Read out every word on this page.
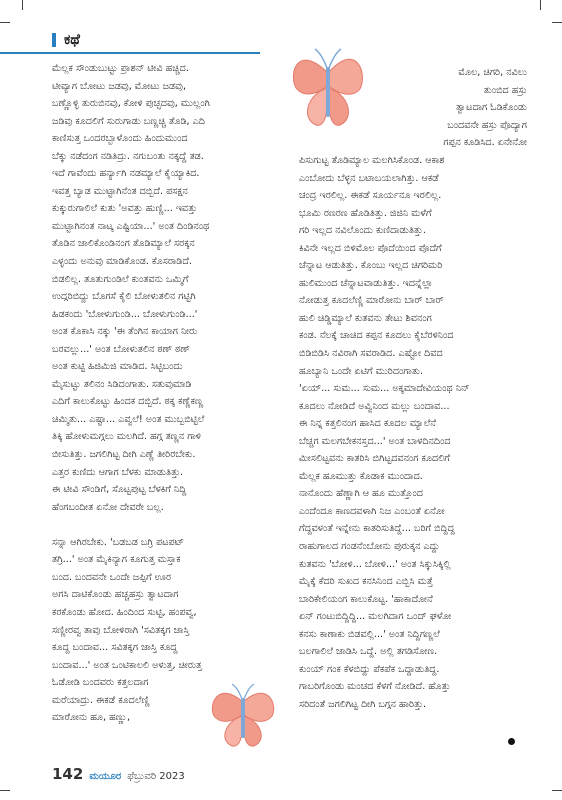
ಕಥೆ
ಮೆಲ್ಲಕ ಸೌಂಡುಬುಟ್ಟು ಪ್ರಾಶನ್ ಟೀವಿ ಹಚ್ಚಿದ.
ಟೀವ್ಯಾಗ ಬೋಟು ಜಡವು, ಮೋಟು ಜಡವು,
ಬಣ್ಣೊಳ್ಳಿ ತುರುಬಿನವು, ಕೋಳಿ ಪುಚ್ಛದವು, ಮುಲ್ಲಂಗಿ
ಜಡಿವು ಕೂದಲಿಗೆ ಸುರುಗಾಡು ಬಣ್ಣಚ್ಚಿ ತೊಡಿ, ಎದಿ
ಕಾಣಿಸುತ್ತ ಒಂದರಬ್ಬಾಳೊಂದು ಹಿಂದುಮುಂದ
ಬೆಕ್ಕು ನಡೆದಂಗ ನಡಿತಿದ್ರು. ನಗುಬಂತು ನಕ್ಕದ್ದೆ ತಡ.
ಇದೆ ಗಾವೆಂದು ಹರ್ನ್ಯಾಗಿ ನಡಮ್ಯಾಲೆ ಕೈಯ್ಯಾಕಿದ.
ಇವತ್ತ ಬ್ಯಾಡ ಮುಟ್ಟಾಗಿನೆಂತ ದಬ್ಬಿದೆ. ಪಸಕ್ಷನ
ಕುಕ್ಕುರುಗಾಲಿಲೆ ಕುತು 'ಅವತ್ತು ಹುಣ್ಣಿ... ಇವತ್ತು
ಮುಟ್ಟಾಗಿನಂತ ನಾಟ್ಕ ಎಷ್ಟಿಯಾ...' ಅಂತ ದಿಂಡಿನಂಥ
ತೊಡಿನ ಜಾಲಿಕೊಂಡಿನಂಗ ತೊಡಿಮ್ಯಾಲೆ ಸರಕ್ಕನ
ಎಳ್ಳಂದು ಅನುವು ಮಾಡಿಕೊಂಡ. ಕೊಸರಾಡಿದೆ.
ಬಿಡಲಿಲ್ಲ. ತೂತುಗುಂಡಿಲೆ ಕುಂತವನು ಒಮ್ಮಿಗೆ
ಉದ್ಗರಿಬಿದ್ದು ಬೊಗಸೆ ಕೈಲಿ ಬೋಳುತಲಿನ ಗಟ್ಟಿಗಿ
ಹಿಡಕಂದು 'ಬೋಳುಗುಂಡಿ... ಬೋಳುಗುಂಡಿ...'
ಅಂತ ಕೊಕಾಸಿ ನಕ್ಕು 'ಈ ತೆಂಗಿನ ಕಾಯಾಗ ನೀರು
ಬರವಲ್ಲು...' ಅಂತ ಬೋಳುತಲಿನ ಠಣ್ ಠಣ್
ಅಂತ ಕುಟ್ಟಿ ಹಿಜಿಮಿಜಿ ಮಾಡಿದ. ಸಿಟ್ಟಿಬಂದು
ಮೈಸುಟ್ಟು ತಲಿನಂ ಸಿಡಿದಂಗಾತು. ಸತುವುಮಾಡಿ
ಎದಿಗೆ ಕಾಲುಕೊಟ್ಟು ಹಿಂದಕ ದಬ್ಬಿದೆ. ಠಕ್ಕ ಕಣ್ಣೆಕಣ್ಣ
ಚಿಮ್ಮಿತು... ಎಷ್ಟಾ... ಎವ್ವಲೆ! ಅಂತ ಮುಬ್ಬಬಿಟ್ಟಿಲೆ
ತಿಕ್ಕಿ ಹೋಳುಮಗ್ಗಲು ಮಲಗಿದೆ. ಹಗ್ಗ ತಣ್ಣನ ಗಾಳಿ
ಬೀಸುತಿತ್ತು. ಜಗಲಿಗಿಟ್ಟ ದೀಗಿ ಎಣ್ಣೆ ತೀರಿರಬೇಕು.
ಎತ್ತರ ಕುಣಿದು ಆಗಾಗ ಬೆಳಕು ಮಾಡುತಿತ್ತು.
ಈ ಟೀವಿ ಸೌಂಡಿಗೆ, ಸೊಟ್ಟಪುಟ್ಟ ಬೆಳಕಿಗೆ ನಿದ್ದಿ
ಹೆಂಗಬಂದೀತ ಏನೋ ದೇವರೇ ಬಲ್ಲ.

ಸನ್ನಾ ಆಗಿರಬೇಕು. 'ಬಡಬಡ ಬಗ್ರಿ ಪಟಪಟ್
ತಗ್ರಿ...' ಅಂತ ಮೈಕಿನ್ಯಾಗ ಕೂಗುತ್ತ ಮಸ್ತಾಕ
ಬಂದ. ಬಂದವನೇ ಒಂದೇ ಜಪ್ಪಿಗೆ ಊರ
ಅಗಸಿ ದಾಟಿಕೊಂಡು ಹಚ್ಚಹಸ್ರು ತ್ವಾಟದಾಗ
ಕರಕೊಂಡು ಹೋದ. ಹಿಂದಿಂದ ಸುಟ್ಟಿ, ಹಂಪವ್ವ,
ಸಣ್ಣೀರವ್ವ ತಾವು ಬೋಳಿರಾಗಿ 'ಸವಿತಕ್ಕಗ ಜಾಸ್ತಿ
ಕೂದ್ದ ಬಂದಾವ... ಸವಿತಕ್ಕಗ ಜಾಸ್ತಿ ಕೂದ್ದ
ಬಂದಾವ...' ಅಂತ ಒಂಟಿಕಾಲಲಿ ಅಳುತ್ತ, ಚೀರುತ್ತ
ಓಡೋಡಿ ಬಂದವರು ಕತ್ತಲದಾಗ
ಮರೆಯಾದ್ರು. ಈಕಡೆ ಕೂದಲೆಣ್ಣಿ
ಮಾರೋನು ಹೂ, ಹಣ್ಣು,
ಮೊಲ, ಚಿಗರಿ, ನವಿಲು
ತುಂಬಿದ ಹಸ್ರು
ತ್ವಾಟದಾಗ ಓಡಿಕೊಂಡು
ಬಂದವನೇ ಹಸ್ರು ಪೊದ್ಯಾಗ
ಗಪ್ಪನ ಕೂಡಿಸಿದ. ಏನೇನೋ
ಪಿಸುಗುಟ್ಟ ತೊಡಿಮ್ಯಾಲ ಮಲಗಿಸಿಕೊಂಡ. ಆಕಾಶ
ಎಂಬೋದು ಬೆಳ್ಳನ ಬಟಾಬಯಲಾಗಿತ್ತು. ಆಕಡೆ
ಚಂದ್ರ ಇರಲಿಲ್ಲ. ಈಕಡೆ ಸೂರ್ಯನೂ ಇರಲಿಲ್ಲ.
ಭೂಮಿ ರಣರಣ ಹೊಡಿತಿತ್ತು. ಜಿಜಿನಿ ಮಳೆಗೆ
ಗರಿ ಇಲ್ಲದ ನವಿಲೊಂದು ಕುಣಿದಾಡುತಿತ್ತು.
ಕಿವಿನೇ ಇಲ್ಲದ ಬಿಳಿಮೊಲ ಪೊದೆಯಿಂದ ಪೊದೆಗೆ
ಚೆನ್ನಾಟ ಆಡುತಿತ್ತು. ಕೊಂಬು ಇಲ್ಲದ ಚಿಗರಿಮರಿ
ಹುಲಿಮುಂದ ಚೆನ್ನಾಟವಾಡುತಿತ್ತು. ಇದನ್ನೆಲ್ಲಾ
ನೋಡುತ್ತ ಕೂದಲೆಣ್ಣಿ ಮಾರೋನು ಬಾರ್ ಬಾರ್
ಹುಲಿ ಚಿಡ್ಡಿಮ್ಯಾಲೆ ಕುತವನು ತೇಟು ಶಿವನಂಗ
ಕಂಡ. ನೆಲಕ್ಕೆ ಚಾಚಿದ ಕಪ್ಪನ ಕೂದಲು ಕೈಬೆರಳಿನಿಂದ
ಬಿಡಿಬಿಡಿಸಿ ನವಿರಾಗಿ ಸವರಾಡಿದ. ಎಷ್ಟೋ ದಿವದ
ಹೂಬ್ಯಾನಿ ಒಂದೇ ಏಟಿಗೆ ಮುರಿದಂಗಾತು.
'ಏಯ್... ಸುಮ... ಸುಮ... ಅಕ್ಕಮಾದೇವಿಯಂಥ ನಿನ್
ಕೂದಲು ನೋಡಿದೆ ಅವ್ವಿನಿಂದ ಮಲ್ಲು ಬಂದಾವ...
ಈ ನಿನ್ನ ಕತ್ತಲಿನಂಗ ಹಾಸಿದ ಕೂದಲ ಮ್ಯಾಲೆನೆ
ಬೆಚ್ಚಗ ಮಲಗಬೇಕನಸ್ತದ...' ಅಂತ ಬಾಳದಿನದಿಂದ
ಮೀಸಲಿಟ್ಟವನು ಕಾತರಿಸಿ ಬಿಗಿಟ್ಟದವನಂಗ ಕೂದಲಿಗೆ
ಮೆಲ್ಲಕ ಹೂಮುತ್ತು ಕೊಡಾಕ ಮುಂದಾದ.
ನಾನೊಂದು ಹೆಣ್ಣಾಗಿ ಆ ಹೂ ಮುತ್ತೊಂದ
ಎಂದೆಂದೂ ಕಾಣದವಳಾಗಿ ನಿಜ ಎಂಬಂತೆ ಏನೋ
ಗೆದ್ದವಳಂತೆ ಇನ್ನೇನು ಕಾತರಿಸುತಿದ್ದೆ... ಬರಿಗೆ ಬಿದ್ದಿದ್ದ
ರಾಹುಗಾಲದ ಗಂಡನೆಂಬೋನು ಪುರುಕ್ಕನ ಎದ್ದು
ಕುತವನು 'ಬೋಳಿ... ಬೋಳಿ...' ಅಂತ ಸಿಕ್ಕುಸಿಕ್ಕಿಲ್ಲಿ
ಮೈಕ್ಕೆ ಕೆದರಿ ಸುಖದ ಕನಸಿನಿಂದ ಎಬ್ಬಿಸಿ ಮತ್ತೆ
ಬಾರಿಕೇಲಿಯಂಗ ಕಾಲುಕೊಟ್ಟ. 'ಹಾಕಾದೋನೆ
ಏನ್ ಗಂಟುಬಿದ್ದಿದ್ದಿ... ಮಲಗಿದಾಗ ಒಂದ್ ಘಳೋ
ಕನಸು ಕಾಣಾಕು ಬಿಡವಲ್ಲಿ...' ಅಂತ ನಿದ್ದಿಗಣ್ಣಲೆ
ಬಲಗಾಲಿಲೆ ಜಾಡಿಸಿ ಒದ್ದೆ. ಅಲ್ಲಿ ತಗಡಿಸೋಣ.
ಕುಂಯ್ ಗಂಕ ಕೆಳಬಿದ್ದು ಪೆಕಪೆಕ ಒದ್ದಾಡುತಿದ್ದ.
ಗಾಬರಿಗೊಂಡು ಮಂಚದ ಕೆಳಗೆ ನೋಡಿದೆ. ಹೊತ್ತು
ಸರಿದಂತೆ ಜಗಲಿಗಿಟ್ಟ ದೀಗಿ ಬಗ್ಗನ ಹಾರಿತ್ತು.
142 ಮಯೂರ ಫೆಬ್ರುವರಿ 2023
